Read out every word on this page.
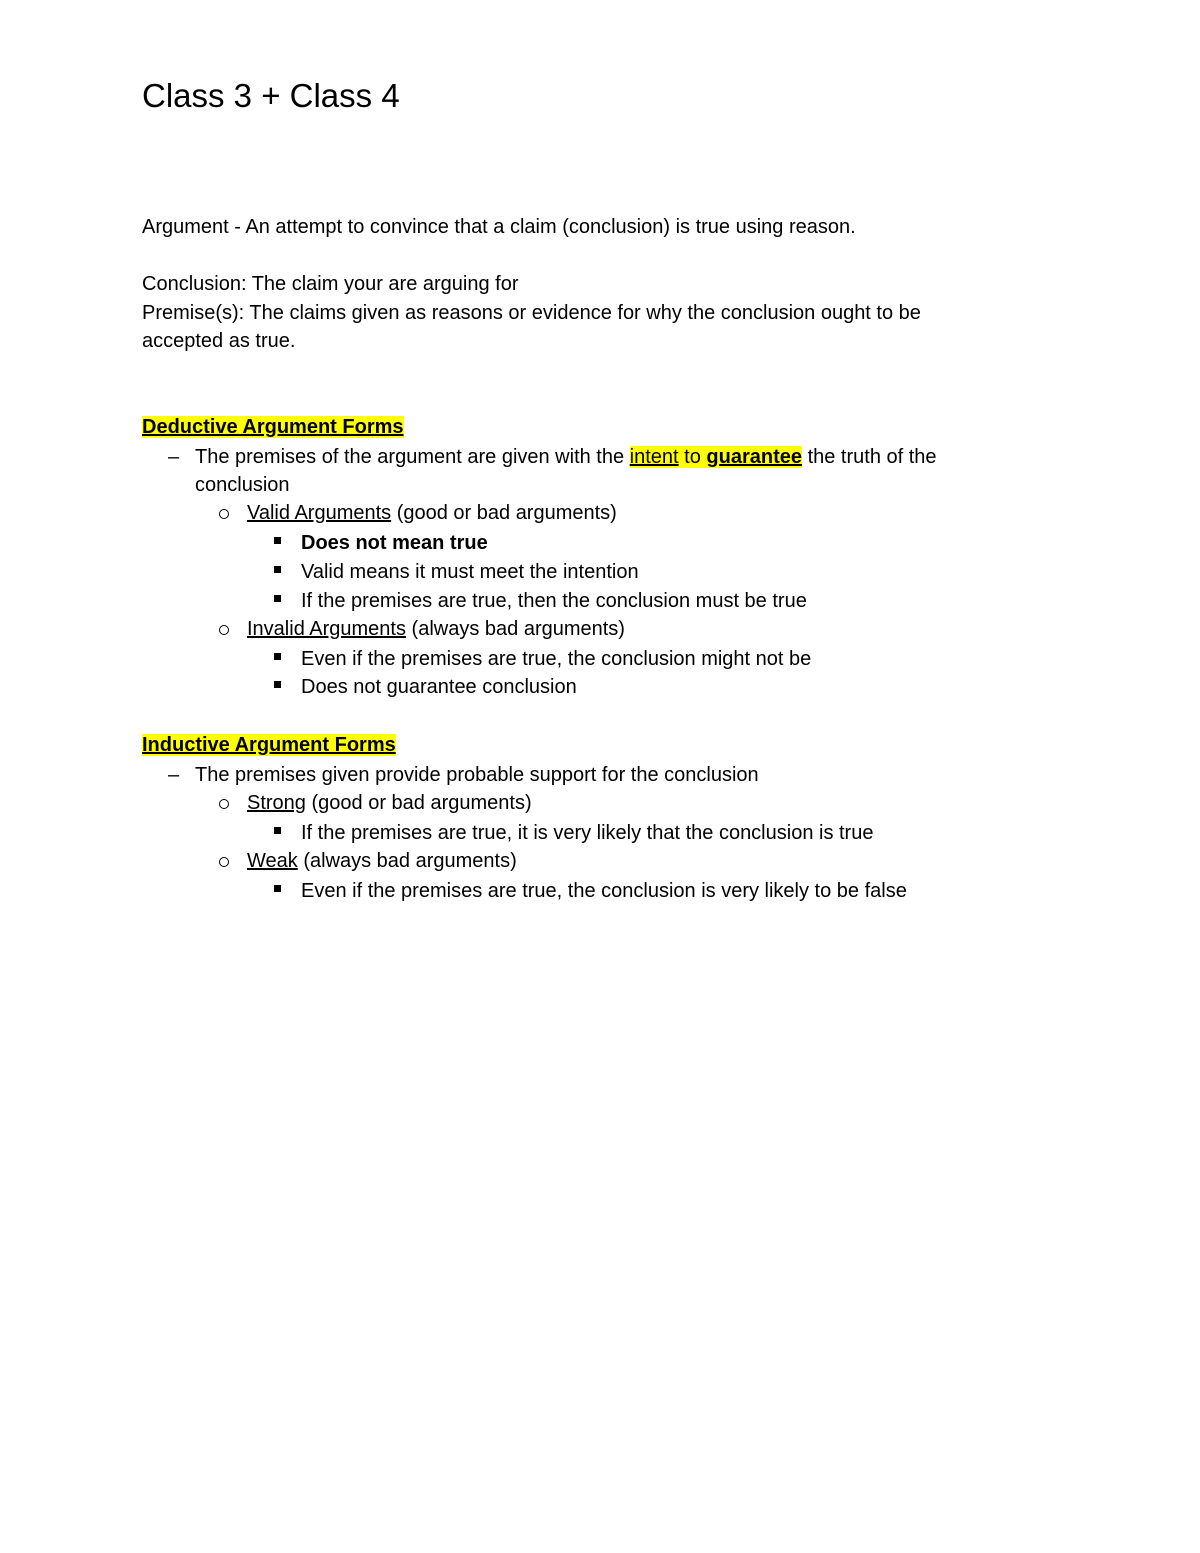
Class 3 + Class 4
Argument - An attempt to convince that a claim (conclusion) is true using reason.
Conclusion: The claim your are arguing for
Premise(s): The claims given as reasons or evidence for why the conclusion ought to be
accepted as true.
Deductive Argument Forms
– The premises of the argument are given with the intent to guarantee the truth of the
conclusion
Valid Arguments (good or bad arguments)
Does not mean true
Valid means it must meet the intention
If the premises are true, then the conclusion must be true
Invalid Arguments (always bad arguments)
Even if the premises are true, the conclusion might not be
Does not guarantee conclusion
Inductive Argument Forms
– The premises given provide probable support for the conclusion
Strong (good or bad arguments)
If the premises are true, it is very likely that the conclusion is true
Weak (always bad arguments)
Even if the premises are true, the conclusion is very likely to be false
